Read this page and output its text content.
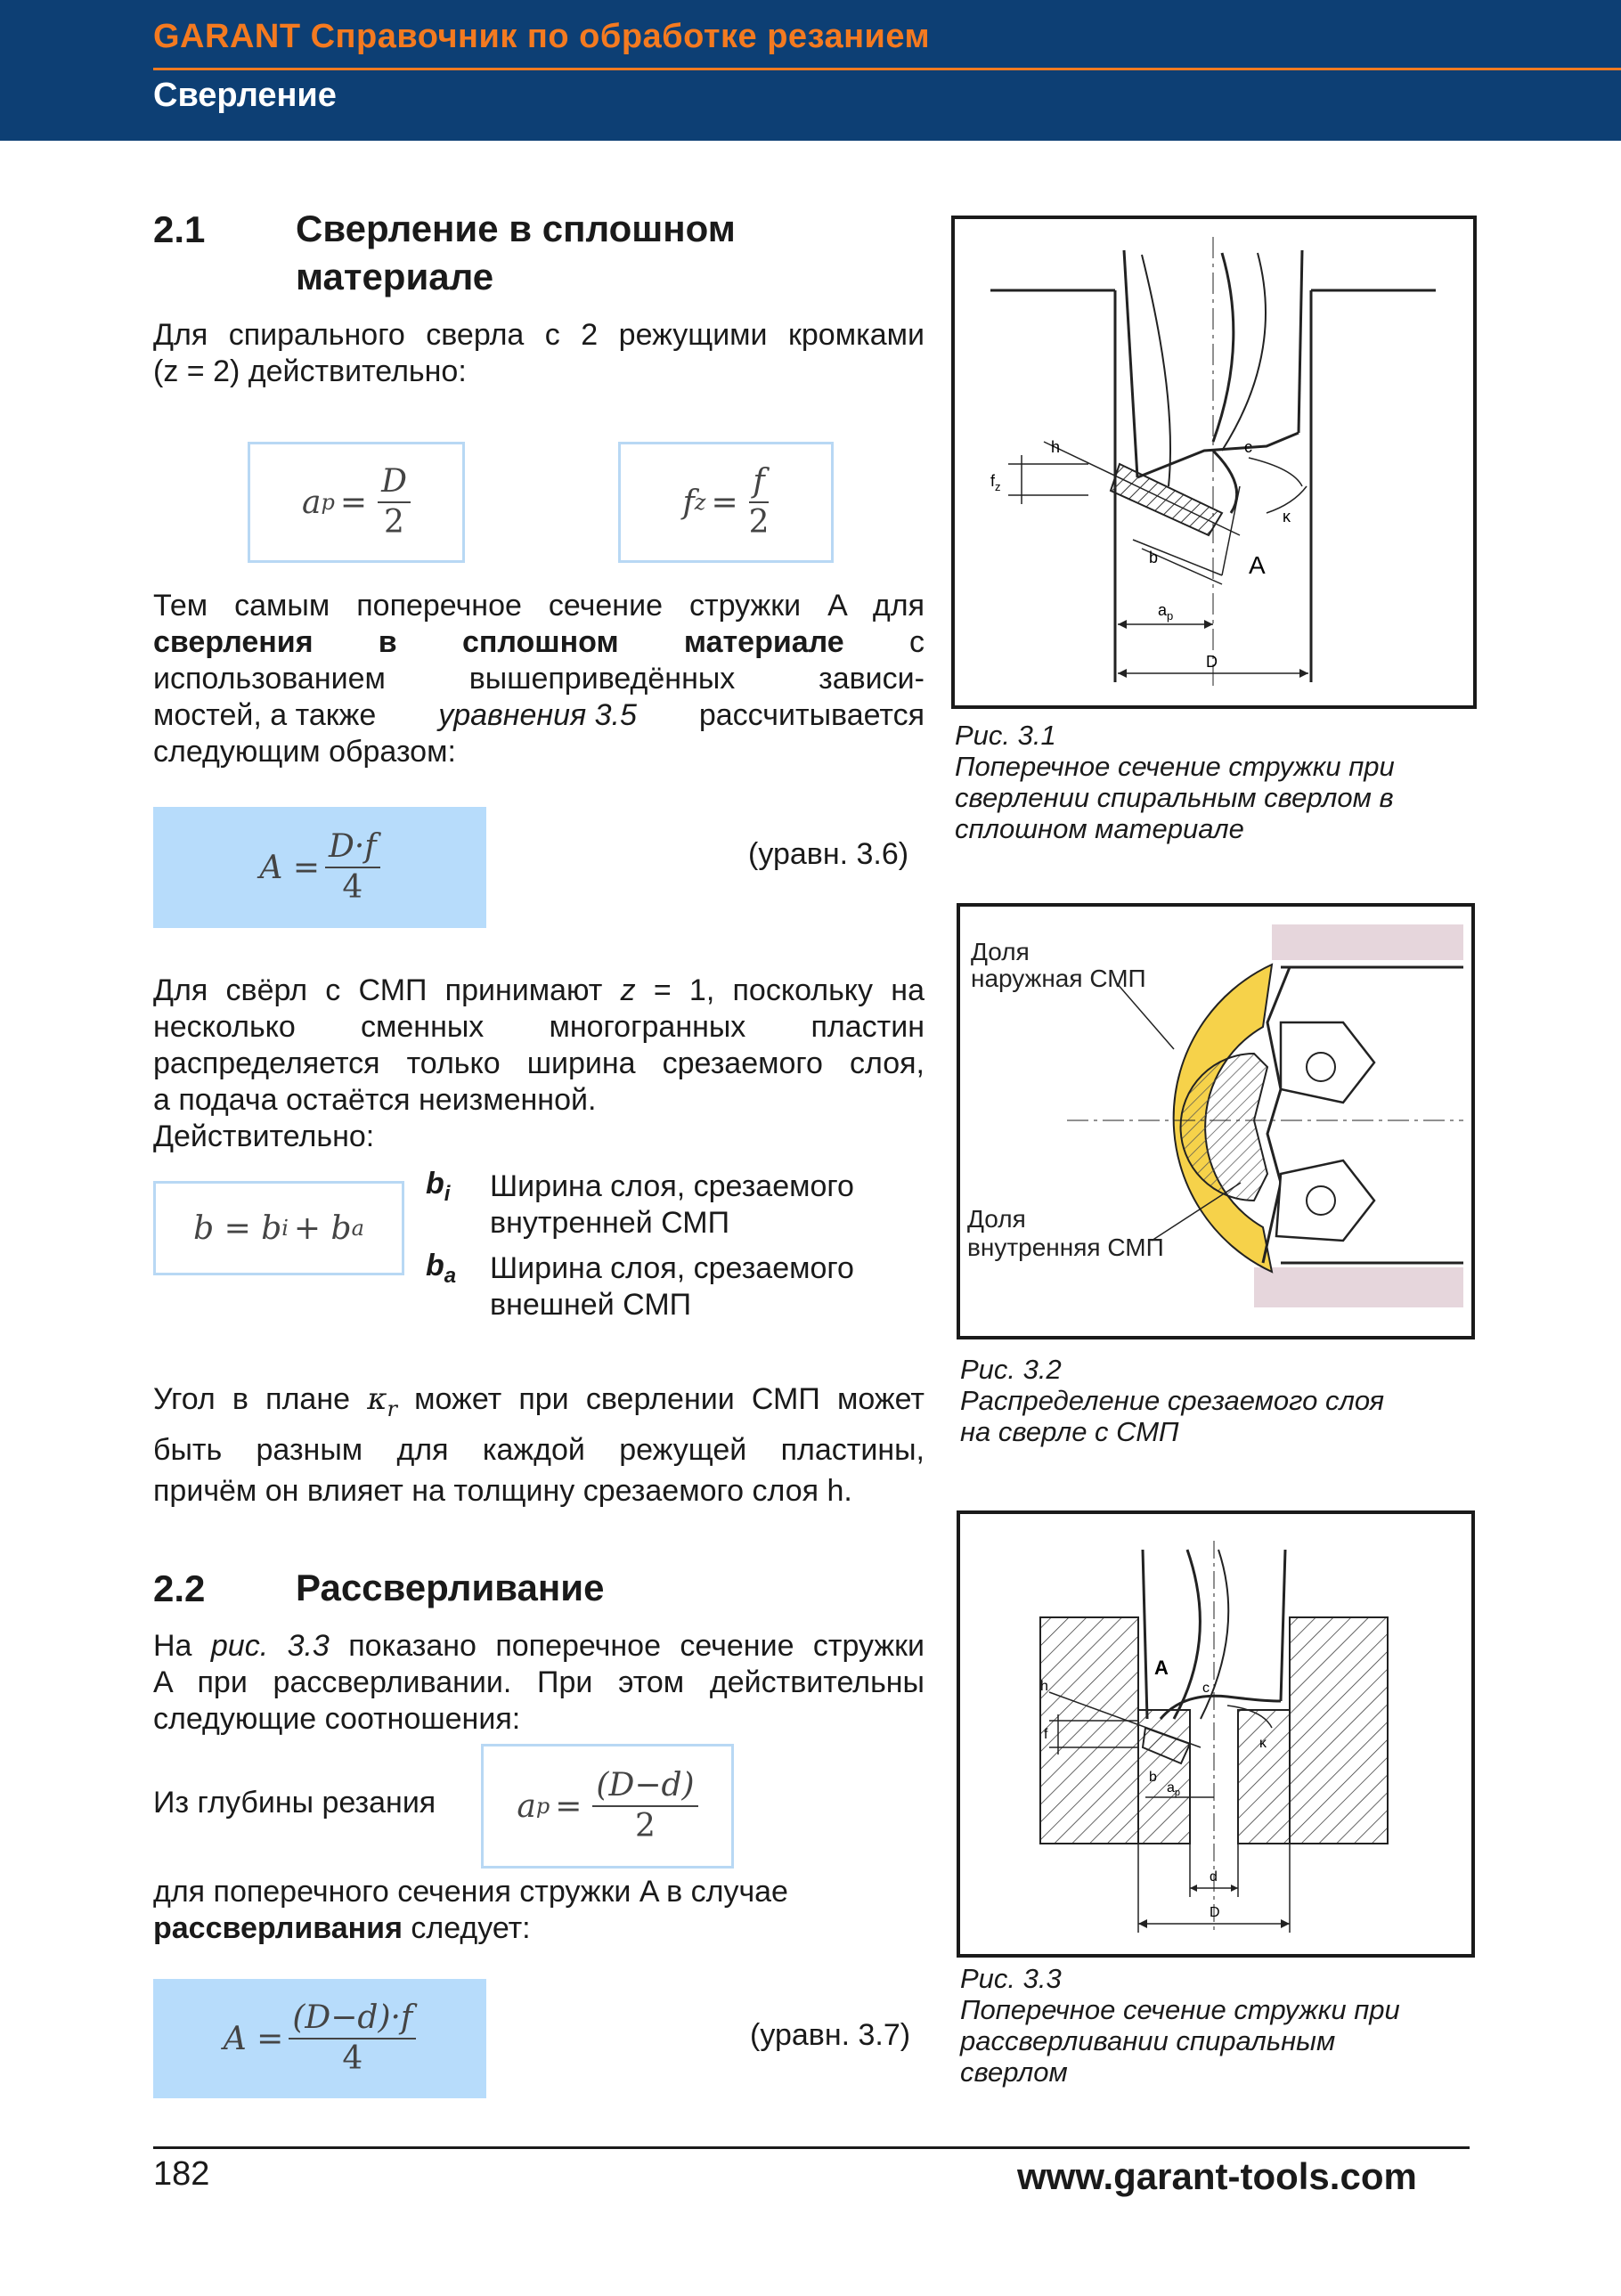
GARANT Справочник по обработке резанием
Сверление
2.1 Сверление в сплошном
материале
Для спирального сверла с 2 режущими кромками
(z = 2) действительно:
a $p = \frac{D}{2}$	f $z = \frac{f}{2}$
Тем самым поперечное сечение стружки A для
сверления в сплошном материале с
использованием	вышеприведённых	зависи-
мостей, а также уравнения 3.5 рассчитывается
следующим образом:
$A = \frac{D\cdot f}{4}$	(уравн. 3.6)
Для свёрл с СМП принимают z = 1, поскольку на
несколько сменных многогранных пластин
распределяется только ширина срезаемого слоя,
а подача остаётся неизменной.
Действительно:
b = b i + b a
$b_i$ Ширина слоя, срезаемого
внутренней СМП
$b_a$ Ширина слоя, срезаемого
внешней СМП
Угол в плане $\kappa_r$ может при сверлении СМП может
быть разным для каждой режущей пластины,
причём он влияет на толщину срезаемого слоя h.
2.2 Рассверливание
На рис. 3.3 показано поперечное сечение стружки
A при рассверливании. При этом действительны
следующие соотношения:
Из глубины резания	a $p = \frac{(D-d)}{2}$
для поперечного сечения стружки A в случае
рассверливания следует:
$A = \frac{(D-d)\cdot f}{4}$	(уравн. 3.7)
h
$f_z$
c
κ
A
b
$a_p$
D
Рис. 3.1
Поперечное сечение стружки при
сверлении спиральным сверлом в
сплошном материале
Доля
наружная СМП
Доля
внутренняя СМП
Рис. 3.2
Распределение срезаемого слоя
на сверле с СМП
h
f
A
c
κ
b
$a_p$
d
D
Рис. 3.3
Поперечное сечение стружки при
рассверливании спиральным
сверлом
182	www.garant-tools.com
